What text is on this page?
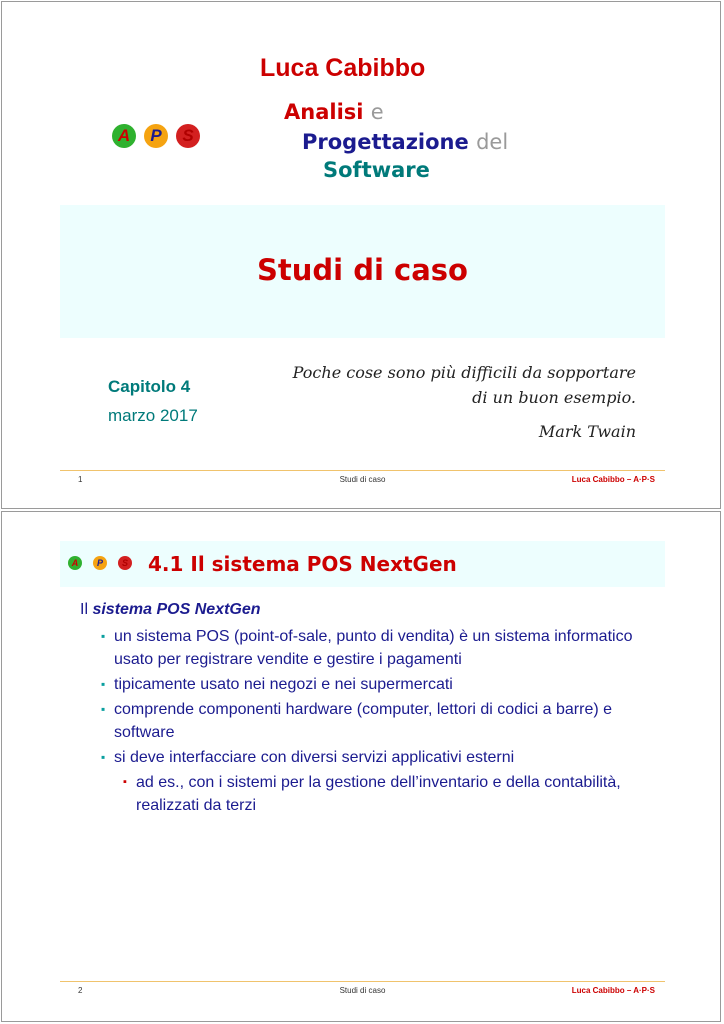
Luca Cabibbo
A	P	S
Analisi e
Progettazione del
Software
Studi di caso
Capitolo 4
marzo 2017
Poche cose sono più difficili da sopportare
di un buon esempio.
Mark Twain
1	Studi di caso	Luca Cabibbo – A·P·S
A	P	S 4.1 Il sistema POS NextGen

Il sistema POS NextGen

▪ un sistema POS (point-of-sale, punto di vendita) è un sistema informatico usato per registrare vendite e gestire i pagamenti

▪ tipicamente usato nei negozi e nei supermercati

▪ comprende componenti hardware (computer, lettori di codici a barre) e software

▪ si deve interfacciare con diversi servizi applicativi esterni

▪ ad es., con i sistemi per la gestione dell’inventario e della contabilità, realizzati da terzi

2	Studi di caso	Luca Cabibbo – A·P·S
